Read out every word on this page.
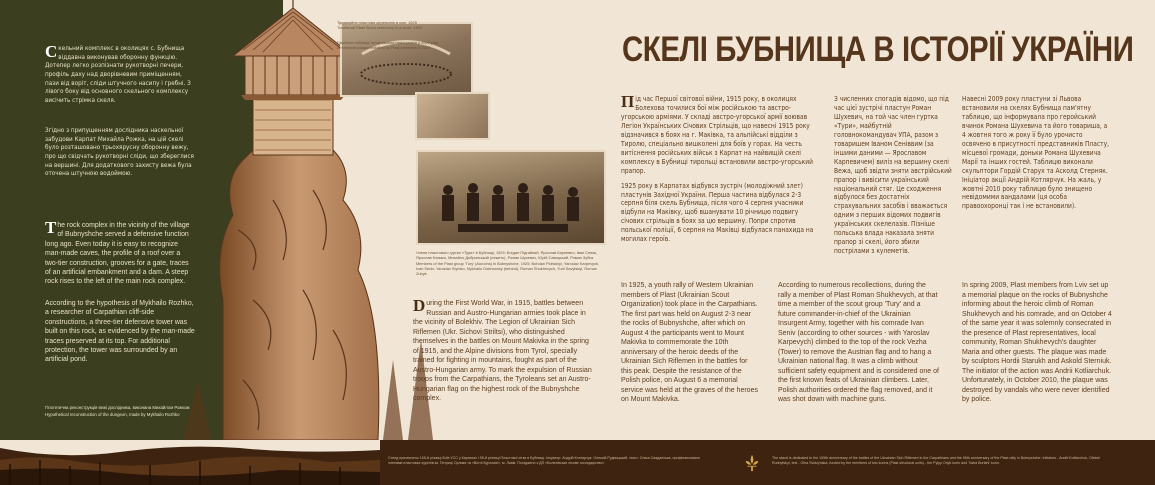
С кельний комплекс в околицях с. Бубнища віддавна виконував оборонну функцію. Дотепер легко розпізнати рукотворні печери, профіль даху над дворівневим приміщенням, пази від воріт, сліди штучного насипу і гребні. З лівого боку від основного скельного комплексу висічить стрімка скеля.

Згідно з припущенням дослідника наскельної забудови Карпат Михайла Рожка, на цій скелі було розташовано трьохярусну оборонну вежу, про що свідчать рукотворні сліди, що збереглися на вершині. Для додаткового захисту вежа була оточена штучною водоймою.

The rock complex in the vicinity of the village of Bubnyshche served a defensive function long ago. Even today it is easy to recognize man-made caves, the profile of a roof over a two-tier construction, grooves for a gate, traces of an artificial embankment and a dam. A steep rock rises to the left of the main rock complex.

According to the hypothesis of Mykhailo Rozhko, a researcher of Carpathian cliff-side constructions, a three-tier defensive tower was built on this rock, as evidenced by the man-made traces preserved at its top. For additional protection, the tower was surrounded by an artificial pond.

Гіпотетична реконструкція вежі дослідника, виконана Михайлом Рожком
Hypothetical reconstruction of the dungeon, made by Mykhailo Rozhko
Традиційна пластова церемонія в колі, 1925
Traditional Plast Scout ceremony in a circle, 1925
Пам'ятна таблиця, встановлена пластунами у 2009 році
A memorial plaque installed by Plast members in 2009
Члени пластового гуртка «Тури» в Бубнищі, 1925: Богдан Підгайний, Ярослав Карпевич, Іван Сеняк, Ярослав Климко, Михайло Добрянський (лежить), Роман Шухевич, Юрій Савицький, Роман Зубик
Members of the Plast group 'Tury' (Aurochs) in Bubnyshche, 1925: Bohdan Pidhainyi, Yaroslav Karpevych, Ivan Seniv, Yaroslav Klymko, Mykhailo Dobriansky (behind), Roman Shukhevych, Yurii Savytskyi, Roman Zubyk
СКЕЛІ БУБНИЩА В ІСТОРІЇ УКРАЇНИ

Під час Першої світової війни, 1915 року, в околицях Болехова точилися бої між російською та австро-угорською арміями. У складі австро-угорської армії воював Легіон Українських Січових Стрільців, що навесні 1915 року відзначився в боях на г. Маківка, та альпійські відділи з Тиролю, спеціально вишколені для боїв у горах. На честь витіснення російських військ з Карпат на найвищій скелі комплексу в Бубнищі тирольці встановили австро-угорський прапор.

1925 року в Карпатах відбувся зустріч (молодіжний злет) пластунів Західної України. Перша частина відбулася 2-3 серпня біля скель Бубнища, після чого 4 серпня учасники відбули на Маківку, щоб вшанувати 10 річницю подвигу січових стрільців в боях за цю вершину. Попри спротив польської поліції, 6 серпня на Маківці відбулася панахида на могилах героїв.

З численних спогадів відомо, що під час цієї зустрічі пластун Роман Шухевич, на той час член гуртка «Тури», майбутній головнокомандувач УПА, разом з товаришем Іваном Сеніввим (за іншими даними — Ярославом Карпевичем) виліз на вершину скелі Вежа, щоб звідти зняти австрійський прапор і вивісити український національний стяг. Це сходження відбулося без достатніх страхувальних засобів і вважається одним з перших відомих подвигів українських скелелазів. Пізніше польська влада наказала зняти прапор зі скелі, його збили пострілами з кулеметів.
Навесні 2009 року пластуни зі Львова встановили на скелях Бубнища пам'ятну таблицю, що інформувала про геройський вчинок Романа Шухевича та його товариша, а 4 жовтня того ж року її було урочисто освячено в присутності представників Пласту, місцевої громади, доньки Романа Шухевича Марії та інших гостей. Таблицю виконали скульптори Гордій Старух та Асколд Стерняк. Ініціатор акції Андрій Котлярчук. На жаль, у жовтні 2010 року таблицю було знищено невідомими вандалами (ця особа правоохоронці так і не встановили).
During the First World War, in 1915, battles between Russian and Austro-Hungarian armies took place in the vicinity of Bolekhiv. The Legion of Ukrainian Sich Riflemen (Ukr. Sichovi Striltsi), who distinguished themselves in the battles on Mount Makivka in the spring of 1915, and the Alpine divisions from Tyrol, specially trained for fighting in mountains, fought as part of the Austro-Hungarian army. To mark the expulsion of Russian troops from the Carpathians, the Tyroleans set an Austro-Hungarian flag on the highest rock of the Bubnyshche complex.
In 1925, a youth rally of Western Ukrainian members of Plast (Ukrainian Scout Organization) took place in the Carpathians. The first part was held on August 2-3 near the rocks of Bubnyshche, after which on August 4 the participants went to Mount Makivka to commemorate the 10th anniversary of the heroic deeds of the Ukrainian Sich Riflemen in the battles for this peak. Despite the resistance of the Polish police, on August 6 a memorial service was held at the graves of the heroes on Mount Makivka.
According to numerous recollections, during the rally a member of Plast Roman Shukhevych, at that time a member of the scout group 'Tury' and a future commander-in-chief of the Ukrainian Insurgent Army, together with his comrade Ivan Seniv (according to other sources - with Yaroslav Karpevych) climbed to the top of the rock Vezha (Tower) to remove the Austrian flag and to hang a Ukrainian national flag. It was a climb without sufficient safety equipment and is considered one of the first known feats of Ukrainian climbers. Later, Polish authorities ordered the flag removed, and it was shot down with machine guns.
In spring 2009, Plast members from Lviv set up a memorial plaque on the rocks of Bubnyshche informing about the heroic climb of Roman Shukhevych and his comrade, and on October 4 of the same year it was solemnly consecrated in the presence of Plast representatives, local community, Roman Shukhevych's daughter Maria and other guests. The plaque was made by sculptors Hordii Starukh and Askold Sterniuk. The initiator of the action was Andrii Kotliarchuk. Unfortunately, in October 2010, the plaque was destroyed by vandals who were never identified by police.
Стенд присвячено 105-й річниці боїв УСС у Карпатах і 95-й річниці Пластової сітки в Бубнищі. Ініціатор: Андрій Котлярчук. Олексій Рудницький, текст: Ольга Сваданська, профінансовано членами пластових куренів ім. Петриці Орлика та «Вогні Бурхливі», м. Львів. Погоджено з ДП «Болехівське лісове господарство».
The stand is dedicated to the 105th anniversary of the battles of the Ukrainian Sich Riflemen in the Carpathians and the 95th anniversary of the Plast rally in Bubnyshche. Initiators - Andrii Kotliarchuk, Oleksii Rudnytskyi, text - Olha Svidzynska, funded by the members of two kurins (Plast structural units) - the Pylyp Orlyk kurin and 'Vatra Buriahi' kurin.
